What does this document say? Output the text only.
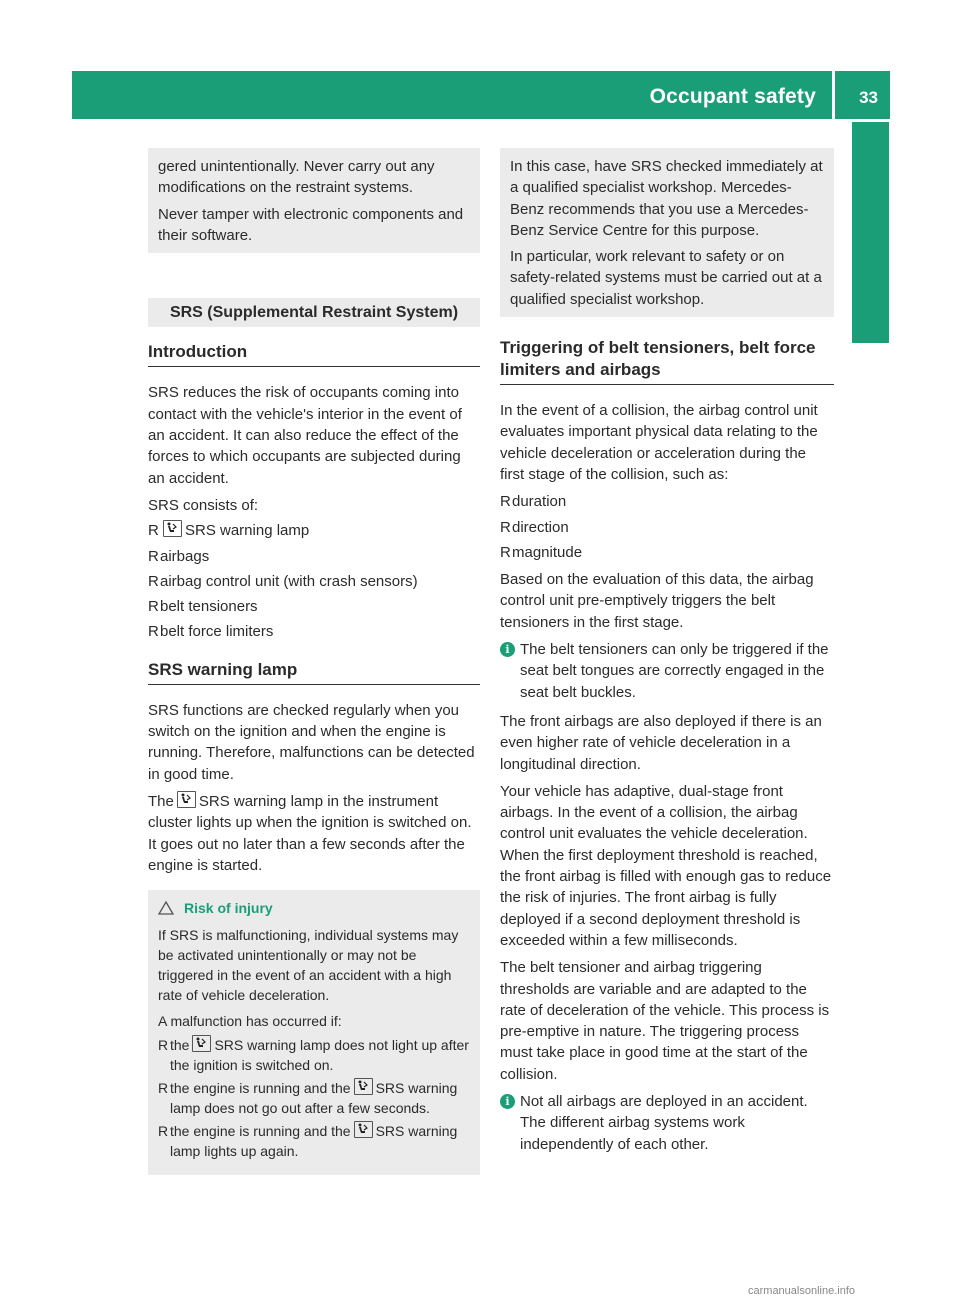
Occupant safety	33
Safety

gered unintentionally. Never carry out any modifications on the restraint systems.

Never tamper with electronic components and their software.

SRS (Supplemental Restraint System)
Introduction

SRS reduces the risk of occupants coming into contact with the vehicle's interior in the event of an accident. It can also reduce the effect of the forces to which occupants are subjected during an accident.

SRS consists of:

R SRS warning lamp
R airbags
R airbag control unit (with crash sensors)
R belt tensioners
R belt force limiters
SRS warning lamp

SRS functions are checked regularly when you switch on the ignition and when the engine is running. Therefore, malfunctions can be detected in good time.

The SRS warning lamp in the instrument cluster lights up when the ignition is switched on. It goes out no later than a few seconds after the engine is started.

Risk of injury

If SRS is malfunctioning, individual systems may be activated unintentionally or may not be triggered in the event of an accident with a high rate of vehicle deceleration.

A malfunction has occurred if:

R the SRS warning lamp does not light up after the ignition is switched on.
R the engine is running and the SRS warning lamp does not go out after a few seconds.
R the engine is running and the SRS warning lamp lights up again.

In this case, have SRS checked immediately at a qualified specialist workshop. Mercedes-Benz recommends that you use a Mercedes-Benz Service Centre for this purpose.

In particular, work relevant to safety or on safety-related systems must be carried out at a qualified specialist workshop.

Triggering of belt tensioners, belt force limiters and airbags

In the event of a collision, the airbag control unit evaluates important physical data relating to the vehicle deceleration or acceleration during the first stage of the collision, such as:

R duration
R direction
R magnitude

Based on the evaluation of this data, the airbag control unit pre-emptively triggers the belt tensioners in the first stage.

i The belt tensioners can only be triggered if the seat belt tongues are correctly engaged in the seat belt buckles.

The front airbags are also deployed if there is an even higher rate of vehicle deceleration in a longitudinal direction.

Your vehicle has adaptive, dual-stage front airbags. In the event of a collision, the airbag control unit evaluates the vehicle deceleration. When the first deployment threshold is reached, the front airbag is filled with enough gas to reduce the risk of injuries. The front airbag is fully deployed if a second deployment threshold is exceeded within a few milliseconds.

The belt tensioner and airbag triggering thresholds are variable and are adapted to the rate of deceleration of the vehicle. This process is pre-emptive in nature. The triggering process must take place in good time at the start of the collision.

i Not all airbags are deployed in an accident. The different airbag systems work independently of each other.
carmanualsonline.info
